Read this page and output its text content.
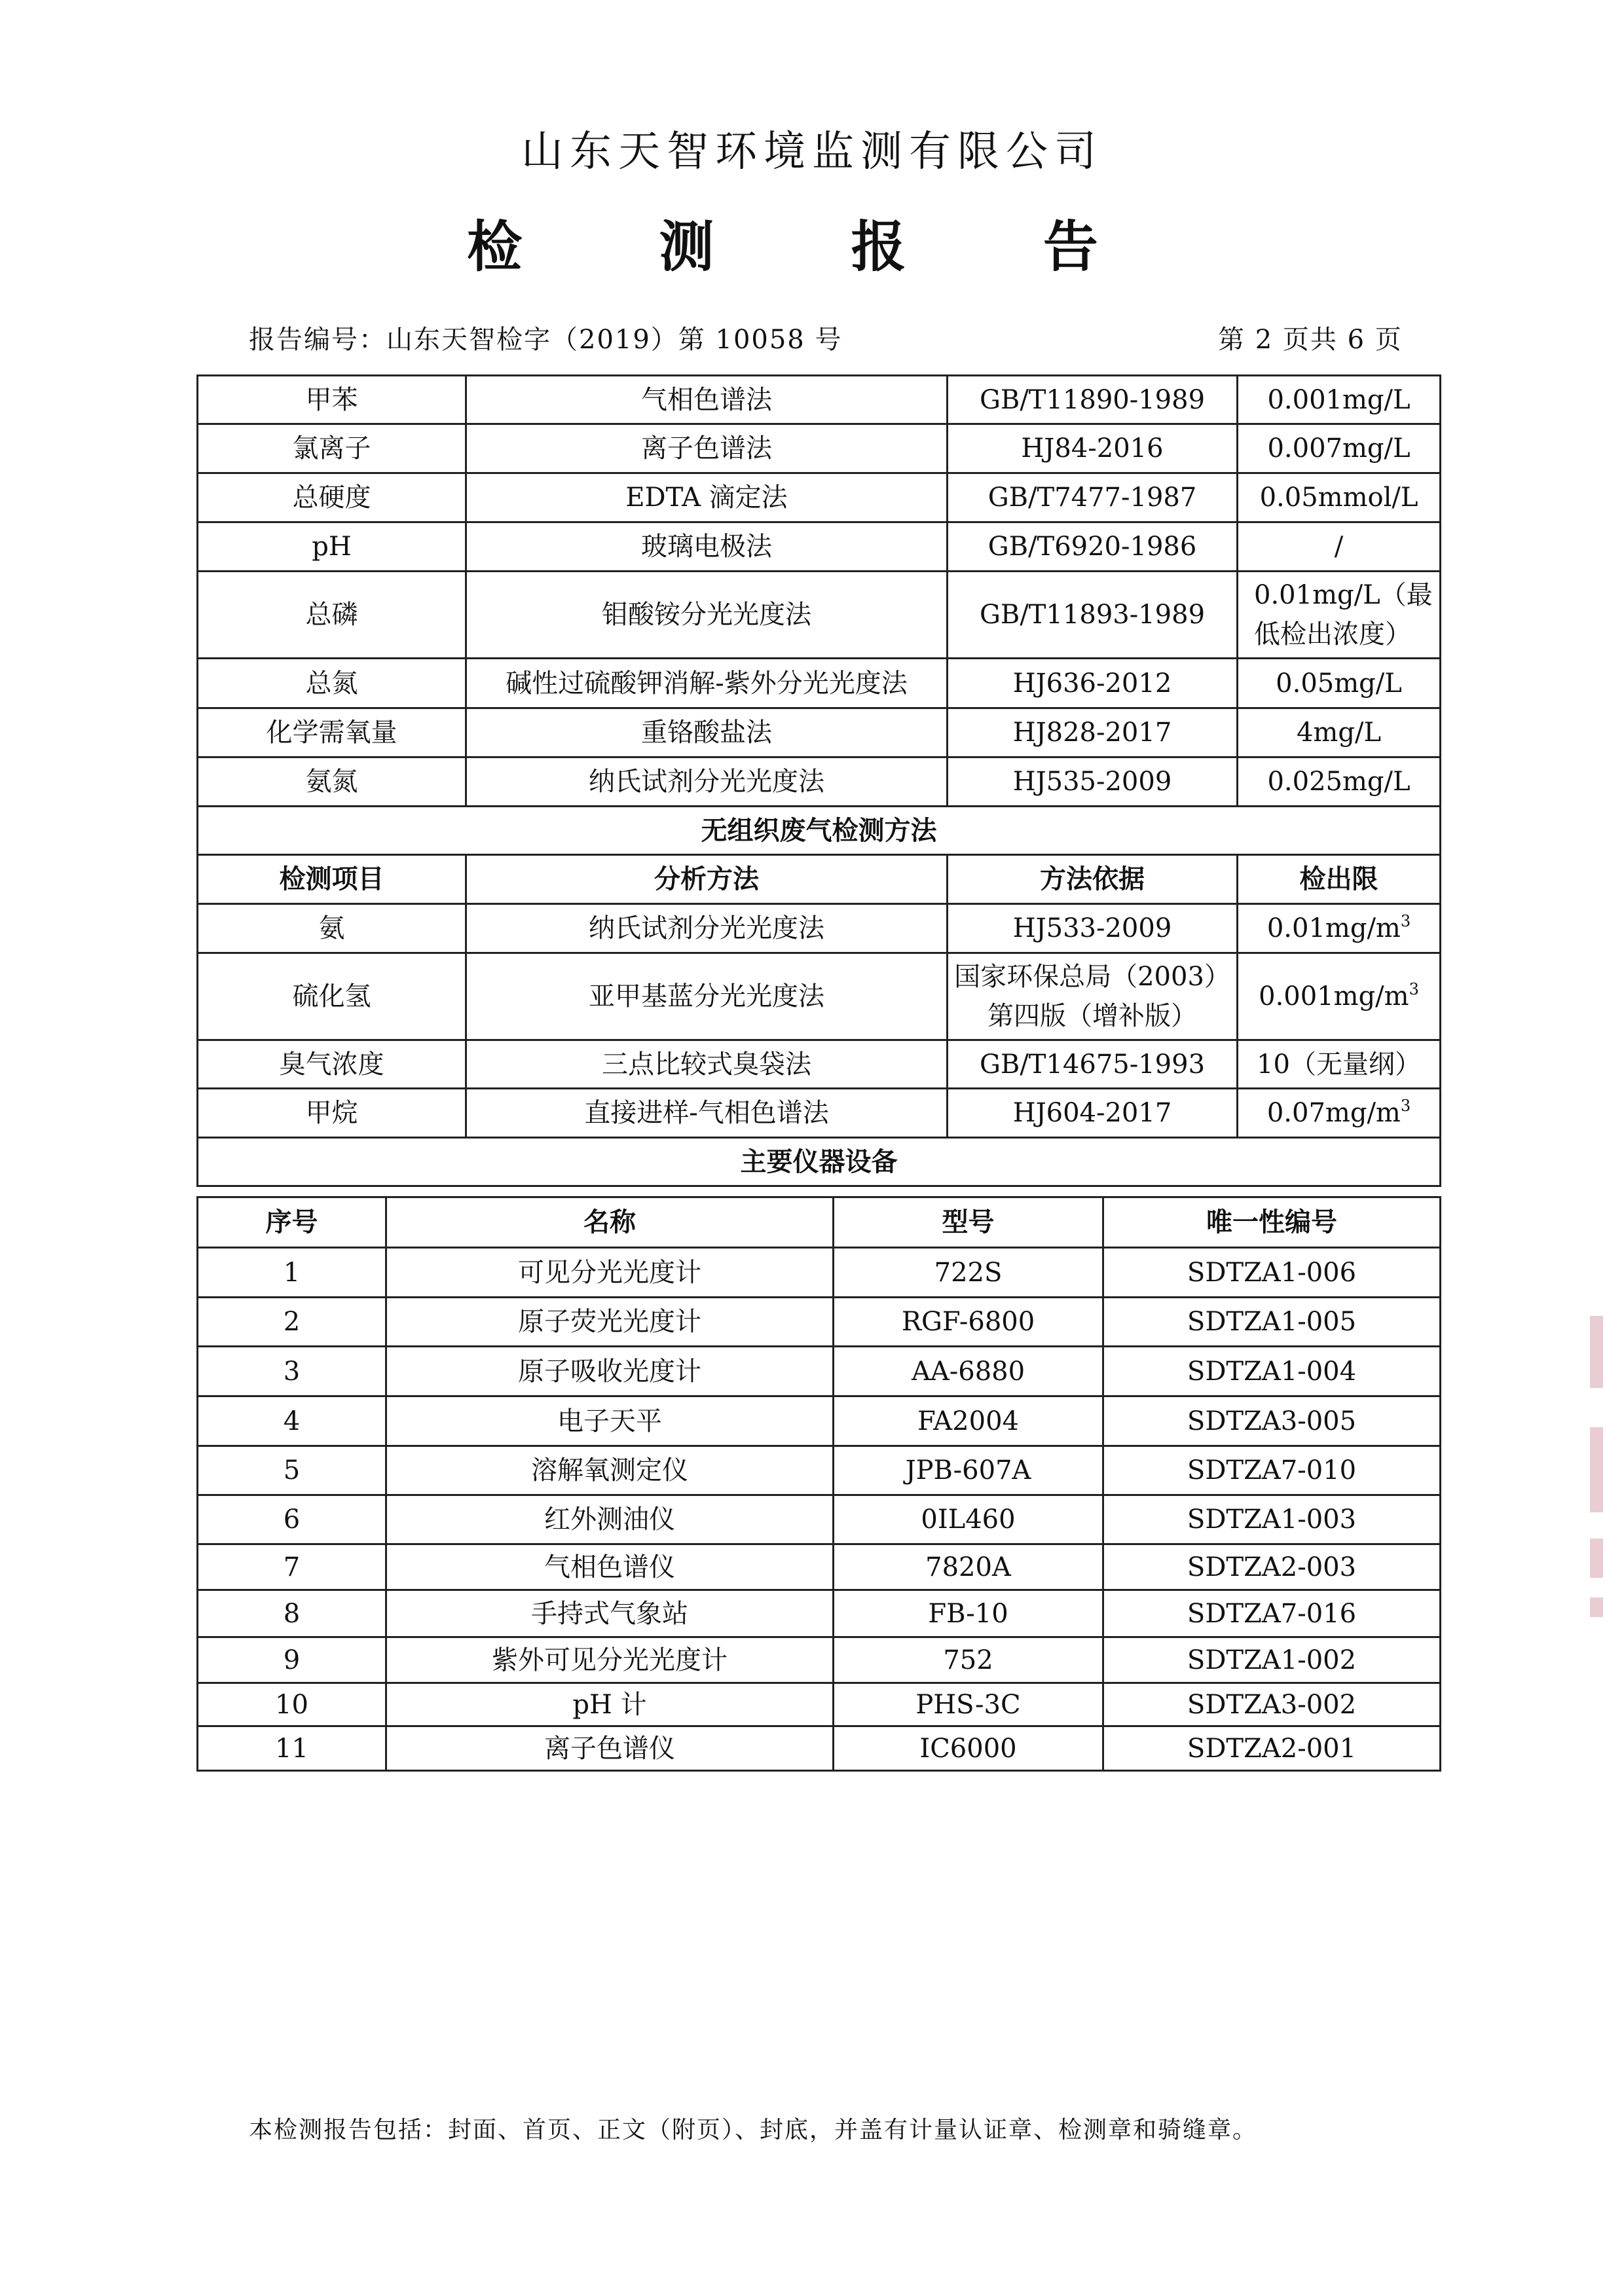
山东天智环境监测有限公司
检 测 报 告
报告编号：山东天智检字（2019）第 10058 号	第 2 页共 6 页
甲苯	气相色谱法	GB/T11890-1989	0.001mg/L
氯离子	离子色谱法	HJ84-2016	0.007mg/L
总硬度	EDTA 滴定法	GB/T7477-1987	0.05mmol/L
pH	玻璃电极法	GB/T6920-1986	/
总磷	钼酸铵分光光度法	GB/T11893-1989	0.01mg/L（最
低检出浓度）

总氮	碱性过硫酸钾消解-紫外分光光度法	HJ636-2012	0.05mg/L
化学需氧量	重铬酸盐法	HJ828-2017	4mg/L
氨氮	纳氏试剂分光光度法	HJ535-2009	0.025mg/L
无组织废气检测方法			
检测项目	分析方法	方法依据	检出限
氨	纳氏试剂分光光度法	HJ533-2009	$0.01mg/m^3$
硫化氢	亚甲基蓝分光光度法	国家环保总局（2003）
第四版（增补版）	$0.001mg/m^3$
臭气浓度	三点比较式臭袋法	GB/T14675-1993	10（无量纲）
甲烷	直接进样-气相色谱法	HJ604-2017	$0.07mg/m^3$
主要仪器设备			
序号	名称	型号	唯一性编号
1	可见分光光度计	722S	SDTZA1-006
2	原子荧光光度计	RGF-6800	SDTZA1-005
3	原子吸收光度计	AA-6880	SDTZA1-004
4	电子天平	FA2004	SDTZA3-005
5	溶解氧测定仪	JPB-607A	SDTZA7-010
6	红外测油仪	0IL460	SDTZA1-003
7	气相色谱仪	7820A	SDTZA2-003
8	手持式气象站	FB-10	SDTZA7-016
9	紫外可见分光光度计	752	SDTZA1-002
10	pH 计	PHS-3C	SDTZA3-002
11	离子色谱仪	IC6000	SDTZA2-001
本检测报告包括：封面、首页、正文（附页）、封底，并盖有计量认证章、检测章和骑缝章。
